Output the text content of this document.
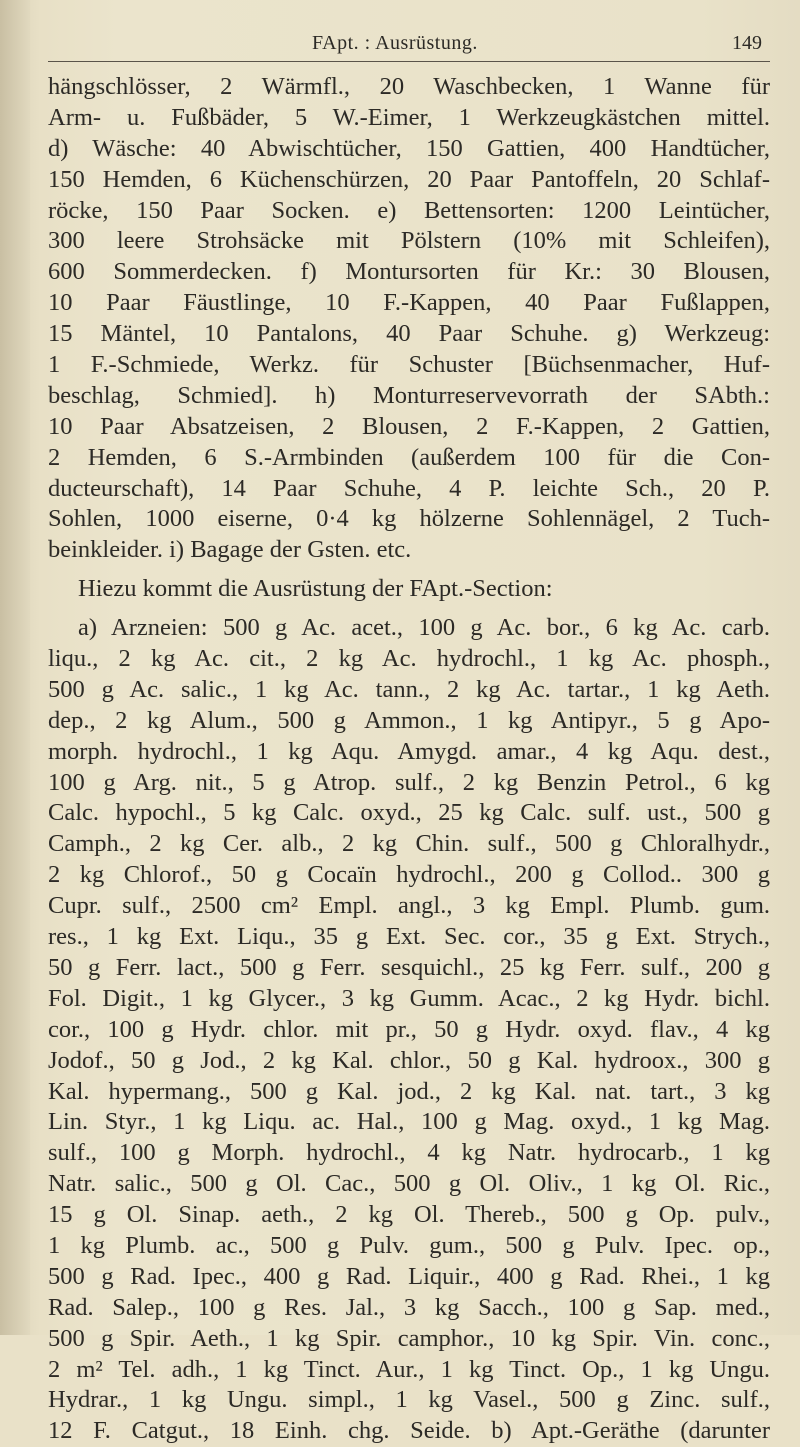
FApt. : Ausrüstung.	149
hängschlösser, 2 Wärmfl., 20 Waschbecken, 1 Wanne für
Arm- u. Fußbäder, 5 W.-Eimer, 1 Werkzeugkästchen mittel.
d) Wäsche: 40 Abwischtücher, 150 Gattien, 400 Handtücher,
150 Hemden, 6 Küchenschürzen, 20 Paar Pantoffeln, 20 Schlaf-
röcke, 150 Paar Socken. e) Bettensorten: 1200 Leintücher,
300 leere Strohsäcke mit Pölstern (10% mit Schleifen),
600 Sommerdecken. f) Montursorten für Kr.: 30 Blousen,
10 Paar Fäustlinge, 10 F.-Kappen, 40 Paar Fußlappen,
15 Mäntel, 10 Pantalons, 40 Paar Schuhe. g) Werkzeug:
1 F.-Schmiede, Werkz. für Schuster [Büchsenmacher, Huf-
beschlag, Schmied]. h) Monturreservevorrath der SAbth.:
10 Paar Absatzeisen, 2 Blousen, 2 F.-Kappen, 2 Gattien,
2 Hemden, 6 S.-Armbinden (außerdem 100 für die Con-
ducteurschaft), 14 Paar Schuhe, 4 P. leichte Sch., 20 P.
Sohlen, 1000 eiserne, 0·4 kg hölzerne Sohlennägel, 2 Tuch-
beinkleider. i) Bagage der Gsten. etc.
Hiezu kommt die Ausrüstung der FApt.-Section:
a) Arzneien: 500 g Ac. acet., 100 g Ac. bor., 6 kg Ac. carb.
liqu., 2 kg Ac. cit., 2 kg Ac. hydrochl., 1 kg Ac. phosph.,
500 g Ac. salic., 1 kg Ac. tann., 2 kg Ac. tartar., 1 kg Aeth.
dep., 2 kg Alum., 500 g Ammon., 1 kg Antipyr., 5 g Apo-
morph. hydrochl., 1 kg Aqu. Amygd. amar., 4 kg Aqu. dest.,
100 g Arg. nit., 5 g Atrop. sulf., 2 kg Benzin Petrol., 6 kg
Calc. hypochl., 5 kg Calc. oxyd., 25 kg Calc. sulf. ust., 500 g
Camph., 2 kg Cer. alb., 2 kg Chin. sulf., 500 g Chloralhydr.,
2 kg Chlorof., 50 g Cocaïn hydrochl., 200 g Collod.. 300 g
Cupr. sulf., 2500 cm² Empl. angl., 3 kg Empl. Plumb. gum.
res., 1 kg Ext. Liqu., 35 g Ext. Sec. cor., 35 g Ext. Strych.,
50 g Ferr. lact., 500 g Ferr. sesquichl., 25 kg Ferr. sulf., 200 g
Fol. Digit., 1 kg Glycer., 3 kg Gumm. Acac., 2 kg Hydr. bichl.
cor., 100 g Hydr. chlor. mit pr., 50 g Hydr. oxyd. flav., 4 kg
Jodof., 50 g Jod., 2 kg Kal. chlor., 50 g Kal. hydroox., 300 g
Kal. hypermang., 500 g Kal. jod., 2 kg Kal. nat. tart., 3 kg
Lin. Styr., 1 kg Liqu. ac. Hal., 100 g Mag. oxyd., 1 kg Mag.
sulf., 100 g Morph. hydrochl., 4 kg Natr. hydrocarb., 1 kg
Natr. salic., 500 g Ol. Cac., 500 g Ol. Oliv., 1 kg Ol. Ric.,
15 g Ol. Sinap. aeth., 2 kg Ol. Thereb., 500 g Op. pulv.,
1 kg Plumb. ac., 500 g Pulv. gum., 500 g Pulv. Ipec. op.,
500 g Rad. Ipec., 400 g Rad. Liquir., 400 g Rad. Rhei., 1 kg
Rad. Salep., 100 g Res. Jal., 3 kg Sacch., 100 g Sap. med.,
500 g Spir. Aeth., 1 kg Spir. camphor., 10 kg Spir. Vin. conc.,
2 m² Tel. adh., 1 kg Tinct. Aur., 1 kg Tinct. Op., 1 kg Ungu.
Hydrar., 1 kg Ungu. simpl., 1 kg Vasel., 500 g Zinc. sulf.,
12 F. Catgut., 18 Einh. chg. Seide. b) Apt.-Geräthe (darunter
